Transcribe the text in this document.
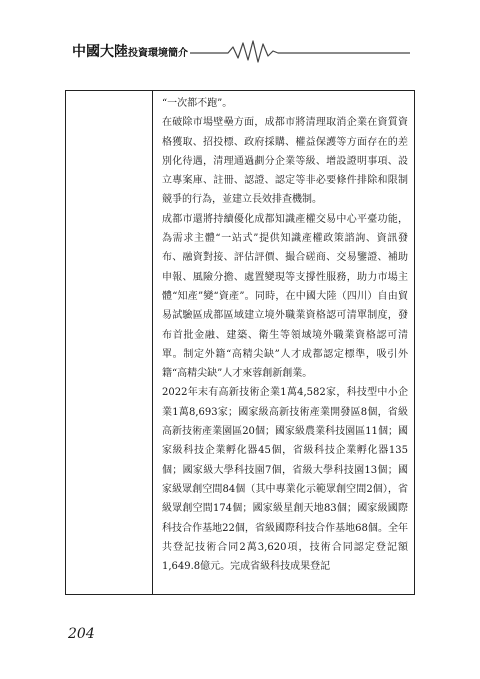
中國大陸投資環境簡介

“一次都不跑”。

在破除市場壁壘方面，成都市將清理取消企業在資質資格獲取、招投標、政府採購、權益保護等方面存在的差別化待遇，清理通過劃分企業等級、增設證明事項、設立專案庫、註冊、認證、認定等非必要條件排除和限制競爭的行為，並建立長效排查機制。

成都市還將持續優化成都知識產權交易中心平臺功能，為需求主體“一站式”提供知識產權政策諮詢、資訊發布、融資對接、評估評價、撮合磋商、交易鑒證、補助申報、風險分擔、處置變現等支撐性服務，助力市場主體“知產”變“資產”。同時，在中國大陸（四川）自由貿易試驗區成都區域建立境外職業資格認可清單制度，發布首批金融、建築、衛生等領域境外職業資格認可清單。制定外籍“高精尖缺”人才成都認定標準，吸引外籍“高精尖缺”人才來蓉創新創業。

2022年末有高新技術企業1萬4,582家，科技型中小企業1萬8,693家；國家級高新技術產業開發區8個，省級高新技術產業園區20個；國家級農業科技園區11個；國家級科技企業孵化器45個，省級科技企業孵化器135個；國家級大學科技園7個，省級大學科技園13個；國家級眾創空間84個（其中專業化示範眾創空間2個），省級眾創空間174個；國家級星創天地83個；國家級國際科技合作基地22個，省級國際科技合作基地68個。全年共登記技術合同2萬3,620項，技術合同認定登記額1,649.8億元。完成省級科技成果登記

204
